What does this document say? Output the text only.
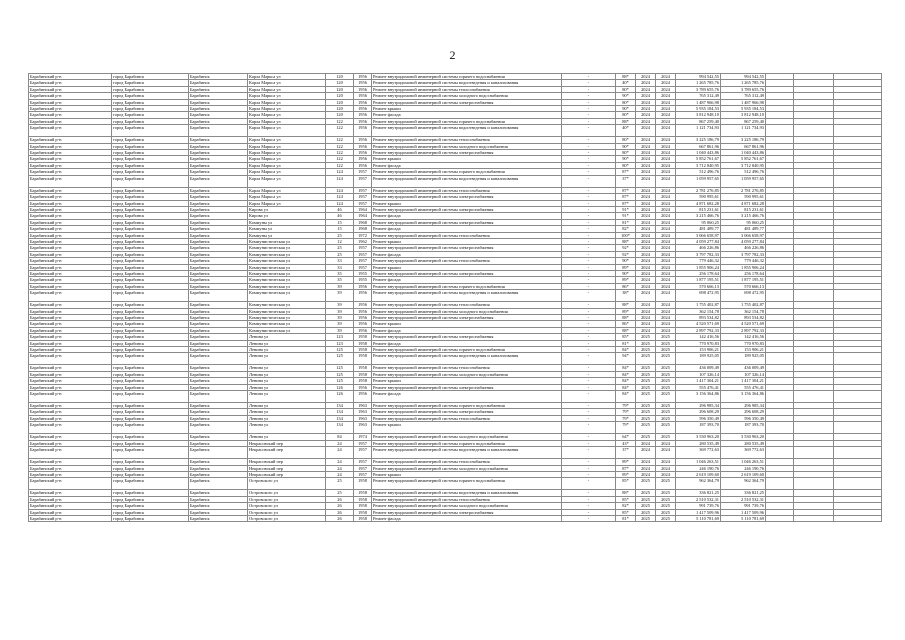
2
Барабинский р-н	город Барабинск	Барабинск	Карла Маркса ул	120	1956	Ремонт внутридомовой инженерной системы горячего водоснабжения	-	88*	2024	2024	994 542,55	994 542,55			
Барабинский р-н	город Барабинск	Барабинск	Карла Маркса ул	120	1956	Ремонт внутридомовой инженерной системы водоотведения и канализования	-	40*	2024	2024	1 265 785,76	1 265 785,76			
Барабинский р-н	город Барабинск	Барабинск	Карла Маркса ул	120	1956	Ремонт внутридомовой инженерной системы теплоснабжения	-	80*	2024	2024	3 789 655,76	3 789 655,76			
Барабинский р-н	город Барабинск	Барабинск	Карла Маркса ул	120	1956	Ремонт внутридомовой инженерной системы холодного водоснабжения	-	90*	2024	2024	765 312,49	765 312,49			
Барабинский р-н	город Барабинск	Барабинск	Карла Маркса ул	120	1956	Ремонт внутридомовой инженерной системы электроснабжения	-	80*	2024	2024	1 487 966,98	1 487 966,98			
Барабинский р-н	город Барабинск	Барабинск	Карла Маркса ул	120	1956	Ремонт крыши	-	90*	2024	2024	5 935 184,53	5 935 184,53			
Барабинский р-н	город Барабинск	Барабинск	Карла Маркса ул	120	1956	Ремонт фасада	-	80*	2024	2024	3 812 948,10	3 812 948,10			
Барабинский р-н	город Барабинск	Барабинск	Карла Маркса ул	122	1956	Ремонт внутридомовой инженерной системы горячего водоснабжения	-	88*	2024	2024	867 259,40	867 259,40			
Барабинский р-н	город Барабинск	Барабинск	Карла Маркса ул	122	1956	Ремонт внутридомовой инженерной системы водоотведения и канализования	-	40*	2024	2024	1 121 734,93	1 121 734,93			
Барабинский р-н	город Барабинск	Барабинск	Карла Маркса ул	122	1956	Ремонт внутридомовой инженерной системы теплоснабжения	-	80*	2024	2024	3 225 186,79	3 225 186,79			
Барабинский р-н	город Барабинск	Барабинск	Карла Маркса ул	122	1956	Ремонт внутридомовой инженерной системы холодного водоснабжения	-	90*	2024	2024	667 861,96	667 861,96			
Барабинский р-н	город Барабинск	Барабинск	Карла Маркса ул	122	1956	Ремонт внутридомовой инженерной системы электроснабжения	-	80*	2024	2024	1 040 443,86	1 040 443,86			
Барабинский р-н	город Барабинск	Барабинск	Карла Маркса ул	122	1956	Ремонт крыши	-	90*	2024	2024	5 852 761,67	5 852 761,67			
Барабинский р-н	город Барабинск	Барабинск	Карла Маркса ул	122	1956	Ремонт фасада	-	80*	2024	2024	3 712 840,95	3 712 840,95			
Барабинский р-н	город Барабинск	Барабинск	Карла Маркса ул	124	1957	Ремонт внутридомовой инженерной системы горячего водоснабжения	-	87*	2024	2024	512 496,76	512 496,76			
Барабинский р-н	город Барабинск	Барабинск	Карла Маркса ул	124	1957	Ремонт внутридомовой инженерной системы водоотведения и канализования	-	37*	2024	2024	1 059 957,65	1 059 957,65			
Барабинский р-н	город Барабинск	Барабинск	Карла Маркса ул	124	1957	Ремонт внутридомовой инженерной системы теплоснабжения	-	87*	2024	2024	2 781 276,85	2 781 276,85			
Барабинский р-н	город Барабинск	Барабинск	Карла Маркса ул	124	1957	Ремонт внутридомовой инженерной системы электроснабжения	-	87*	2024	2024	590 995,61	590 995,61			
Барабинский р-н	город Барабинск	Барабинск	Карла Маркса ул	124	1957	Ремонт крыши	-	87*	2024	2024	4 871 682,28	4 871 682,28			
Барабинский р-н	город Барабинск	Барабинск	Кирова ул	46	1964	Ремонт внутридомовой инженерной системы электроснабжения	-	91*	2024	2024	815 231,61	815 231,61			
Барабинский р-н	город Барабинск	Барабинск	Кирова ул	46	1964	Ремонт фасада	-	91*	2024	2024	3 215 466,76	3 215 466,76			
Барабинский р-н	город Барабинск	Барабинск	Коммуны ул	15	1968	Ремонт внутридомовой инженерной системы электроснабжения	-	81*	2024	2024	95 060,25	95 060,25			
Барабинский р-н	город Барабинск	Барабинск	Коммуны ул	15	1968	Ремонт фасада	-	82*	2024	2024	481 489,77	481 489,77			
Барабинский р-н	город Барабинск	Барабинск	Коммуны ул	25	1972	Ремонт внутридомовой инженерной системы теплоснабжения	-	100*	2024	2024	3 066 658,97	3 066 658,97			
Барабинский р-н	город Барабинск	Барабинск	Коммунистическая ул	12	1962	Ремонт крыши	-	88*	2024	2024	4 059 277,84	4 059 277,84			
Барабинский р-н	город Барабинск	Барабинск	Коммунистическая ул	25	1957	Ремонт внутридомовой инженерной системы электроснабжения	-	92*	2024	2024	466 226,86	466 226,86			
Барабинский р-н	город Барабинск	Барабинск	Коммунистическая ул	25	1957	Ремонт фасада	-	92*	2024	2024	3 797 782,33	3 797 782,33			
Барабинский р-н	город Барабинск	Барабинск	Коммунистическая ул	33	1957	Ремонт внутридомовой инженерной системы теплоснабжения	-	90*	2024	2024	779 446,32	779 446,32			
Барабинский р-н	город Барабинск	Барабинск	Коммунистическая ул	33	1957	Ремонт крыши	-	89*	2024	2024	1 855 906,24	1 855 906,24			
Барабинский р-н	город Барабинск	Барабинск	Коммунистическая ул	35	1955	Ремонт внутридомовой инженерной системы электроснабжения	-	90*	2024	2024	256 178,64	256 178,64			
Барабинский р-н	город Барабинск	Барабинск	Коммунистическая ул	35	1955	Ремонт фасада	-	89*	2024	2024	1 877 195,51	1 877 195,51			
Барабинский р-н	город Барабинск	Барабинск	Коммунистическая ул	39	1956	Ремонт внутридомовой инженерной системы горячего водоснабжения	-	86*	2024	2024	570 666,13	570 666,13			
Барабинский р-н	город Барабинск	Барабинск	Коммунистическая ул	39	1956	Ремонт внутридомовой инженерной системы водоотведения и канализования	-	38*	2024	2024	698 472,95	698 472,95			
Барабинский р-н	город Барабинск	Барабинск	Коммунистическая ул	39	1956	Ремонт внутридомовой инженерной системы теплоснабжения	-	88*	2024	2024	1 755 402,87	1 755 402,87			
Барабинский р-н	город Барабинск	Барабинск	Коммунистическая ул	39	1956	Ремонт внутридомовой инженерной системы холодного водоснабжения	-	89*	2024	2024	362 154,78	362 154,78			
Барабинский р-н	город Барабинск	Барабинск	Коммунистическая ул	39	1956	Ремонт внутридомовой инженерной системы электроснабжения	-	88*	2024	2024	893 534,82	893 534,82			
Барабинский р-н	город Барабинск	Барабинск	Коммунистическая ул	39	1956	Ремонт крыши	-	86*	2024	2024	4 520 571,69	4 520 571,69			
Барабинский р-н	город Барабинск	Барабинск	Коммунистическая ул	39	1956	Ремонт фасада	-	88*	2024	2024	2 897 792,33	2 897 792,33			
Барабинский р-н	город Барабинск	Барабинск	Ленина ул	123	1958	Ремонт внутридомовой инженерной системы электроснабжения	-	85*	2025	2025	142 416,56	142 416,56			
Барабинский р-н	город Барабинск	Барабинск	Ленина ул	123	1958	Ремонт фасада	-	81*	2025	2025	770 970,83	770 970,83			
Барабинский р-н	город Барабинск	Барабинск	Ленина ул	125	1958	Ремонт внутридомовой инженерной системы горячего водоснабжения	-	84*	2025	2025	153 906,21	153 906,21			
Барабинский р-н	город Барабинск	Барабинск	Ленина ул	125	1958	Ремонт внутридомовой инженерной системы водоотведения и канализования	-	94*	2025	2025	189 925,05	189 925,05			
Барабинский р-н	город Барабинск	Барабинск	Ленина ул	125	1958	Ремонт внутридомовой инженерной системы теплоснабжения	-	84*	2025	2025	436 009,49	436 009,49			
Барабинский р-н	город Барабинск	Барабинск	Ленина ул	125	1958	Ремонт внутридомовой инженерной системы холодного водоснабжения	-	84*	2025	2025	107 326,14	107 326,14			
Барабинский р-н	город Барабинск	Барабинск	Ленина ул	125	1958	Ремонт крыши	-	84*	2025	2025	1 417 304,21	1 417 304,21			
Барабинский р-н	город Барабинск	Барабинск	Ленина ул	126	1956	Ремонт внутридомовой инженерной системы электроснабжения	-	84*	2025	2025	555 476,41	555 476,41			
Барабинский р-н	город Барабинск	Барабинск	Ленина ул	126	1956	Ремонт фасада	-	84*	2025	2025	3 156 364,86	3 156 364,86			
Барабинский р-н	город Барабинск	Барабинск	Ленина ул	134	1963	Ремонт внутридомовой инженерной системы горячего водоснабжения	-	79*	2025	2025	296 985,34	296 985,34			
Барабинский р-н	город Барабинск	Барабинск	Ленина ул	134	1963	Ремонт внутридомовой инженерной системы электроснабжения	-	79*	2025	2025	296 608,29	296 608,29			
Барабинский р-н	город Барабинск	Барабинск	Ленина ул	134	1963	Ремонт внутридомовой инженерной системы теплоснабжения	-	79*	2025	2025	596 350,49	596 350,49			
Барабинский р-н	город Барабинск	Барабинск	Ленина ул	134	1963	Ремонт крыши	-	79*	2025	2025	187 393,70	187 393,70			
Барабинский р-н	город Барабинск	Барабинск	Ленина ул	84	1974	Ремонт внутридомовой инженерной системы холодного водоснабжения	-	64*	2025	2025	3 530 963,20	3 530 963,20			
Барабинский р-н	город Барабинск	Барабинск	Некрасовский пер	24	1957	Ремонт внутридомовой инженерной системы горячего водоснабжения	-	43*	2024	2024	280 535,49	280 535,49			
Барабинский р-н	город Барабинск	Барабинск	Некрасовский пер	24	1957	Ремонт внутридомовой инженерной системы водоотведения и канализования	-	37*	2024	2024	369 772,63	369 772,63			
Барабинский р-н	город Барабинск	Барабинск	Некрасовский пер	24	1957	Ремонт внутридомовой инженерной системы теплоснабжения	-	89*	2024	2024	1 046 263,51	1 046 263,51			
Барабинский р-н	город Барабинск	Барабинск	Некрасовский пер	24	1957	Ремонт внутридомовой инженерной системы холодного водоснабжения	-	87*	2024	2024	246 190,76	246 190,76			
Барабинский р-н	город Барабинск	Барабинск	Некрасовский пер	24	1957	Ремонт крыши	-	89*	2024	2024	2 619 109,60	2 619 109,60			
Барабинский р-н	город Барабинск	Барабинск	Островского ул	25	1958	Ремонт внутридомовой инженерной системы горячего водоснабжения	-	85*	2025	2025	962 364,79	962 364,79			
Барабинский р-н	город Барабинск	Барабинск	Островского ул	25	1958	Ремонт внутридомовой инженерной системы водоотведения и канализования	-	88*	2025	2025	336 821,25	336 821,25			
Барабинский р-н	город Барабинск	Барабинск	Островского ул	26	1958	Ремонт внутридомовой инженерной системы теплоснабжения	-	85*	2025	2025	2 510 532,31	2 510 532,31			
Барабинский р-н	город Барабинск	Барабинск	Островского ул	26	1958	Ремонт внутридомовой инженерной системы холодного водоснабжения	-	82*	2025	2025	991 739,76	991 739,76			
Барабинский р-н	город Барабинск	Барабинск	Островского ул	26	1958	Ремонт внутридомовой инженерной системы электроснабжения	-	85*	2025	2025	1 417 509,96	1 417 509,96			
Барабинский р-н	город Барабинск	Барабинск	Островского ул	26	1958	Ремонт фасада	-	81*	2025	2025	5 110 781,69	5 110 781,69			
